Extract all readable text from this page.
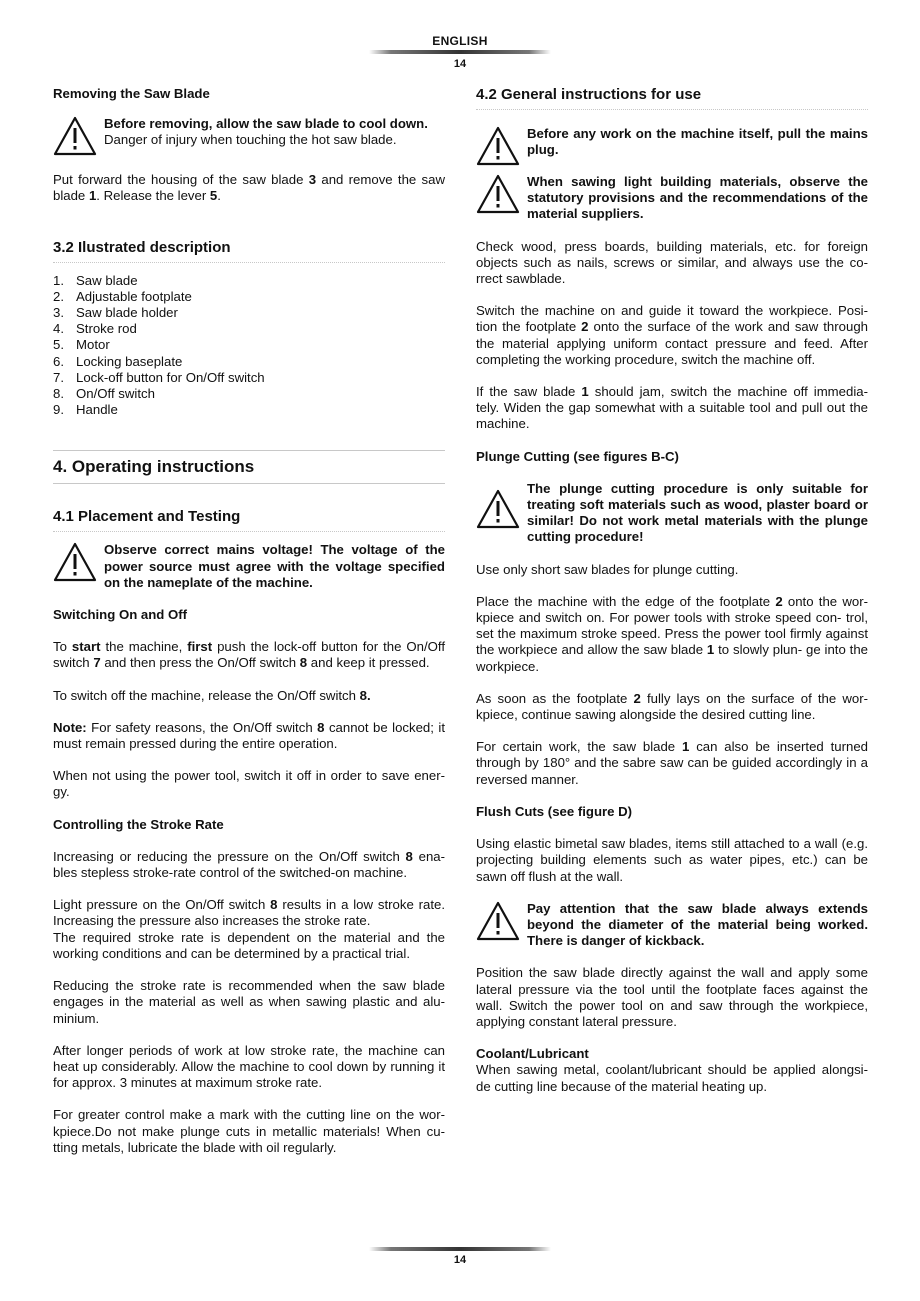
ENGLISH
14
Removing the Saw Blade
Before removing, allow the saw blade to cool down.
Danger of injury when touching the hot saw blade.

Put forward the housing of the saw blade 3 and remove the saw blade 1. Release the lever 5.

3.2 Ilustrated description
1. Saw blade
2. Adjustable footplate
3. Saw blade holder
4. Stroke rod
5. Motor
6. Locking baseplate
7. Lock-off button for On/Off switch
8. On/Off switch
9. Handle
4. Operating instructions
4.1 Placement and Testing
Observe correct mains voltage! The voltage of the power source must agree with the voltage specified on the nameplate of the machine.
Switching On and Off

To start the machine, first push the lock-off button for the On/Off switch 7 and then press the On/Off switch 8 and keep it pressed.

To switch off the machine, release the On/Off switch 8.

Note: For safety reasons, the On/Off switch 8 cannot be locked; it must remain pressed during the entire operation.

When not using the power tool, switch it off in order to save ener- gy.

Controlling the Stroke Rate

Increasing or reducing the pressure on the On/Off switch 8 ena- bles stepless stroke-rate control of the switched-on machine.

Light pressure on the On/Off switch 8 results in a low stroke rate. Increasing the pressure also increases the stroke rate.

The required stroke rate is dependent on the material and the working conditions and can be determined by a practical trial.

Reducing the stroke rate is recommended when the saw blade engages in the material as well as when sawing plastic and alu- minium.

After longer periods of work at low stroke rate, the machine can heat up considerably. Allow the machine to cool down by running it for approx. 3 minutes at maximum stroke rate.

For greater control make a mark with the cutting line on the wor- kpiece.Do not make plunge cuts in metallic materials! When cu- tting metals, lubricate the blade with oil regularly.

4.2 General instructions for use
Before any work on the machine itself, pull the mains plug.
When sawing light building materials, observe the statutory provisions and the recommendations of the material suppliers.

Check wood, press boards, building materials, etc. for foreign objects such as nails, screws or similar, and always use the co- rrect sawblade.

Switch the machine on and guide it toward the workpiece. Posi- tion the footplate 2 onto the surface of the work and saw through the material applying uniform contact pressure and feed. After completing the working procedure, switch the machine off.

If the saw blade 1 should jam, switch the machine off immedia- tely. Widen the gap somewhat with a suitable tool and pull out the machine.

Plunge Cutting (see figures B-C)
The plunge cutting procedure is only suitable for treating soft materials such as wood, plaster board or similar! Do not work metal materials with the plunge cutting procedure!

Use only short saw blades for plunge cutting.

Place the machine with the edge of the footplate 2 onto the wor- kpiece and switch on. For power tools with stroke speed con- trol, set the maximum stroke speed. Press the power tool firmly against the workpiece and allow the saw blade 1 to slowly plun- ge into the workpiece.

As soon as the footplate 2 fully lays on the surface of the wor- kpiece, continue sawing alongside the desired cutting line.

For certain work, the saw blade 1 can also be inserted turned through by 180° and the sabre saw can be guided accordingly in a reversed manner.

Flush Cuts (see figure D)

Using elastic bimetal saw blades, items still attached to a wall (e.g. projecting building elements such as water pipes, etc.) can be sawn off flush at the wall.

Pay attention that the saw blade always extends beyond the diameter of the material being worked. There is danger of kickback.

Position the saw blade directly against the wall and apply some lateral pressure via the tool until the footplate faces against the wall. Switch the power tool on and saw through the workpiece, applying constant lateral pressure.

Coolant/Lubricant

When sawing metal, coolant/lubricant should be applied alongsi- de cutting line because of the material heating up.

14
